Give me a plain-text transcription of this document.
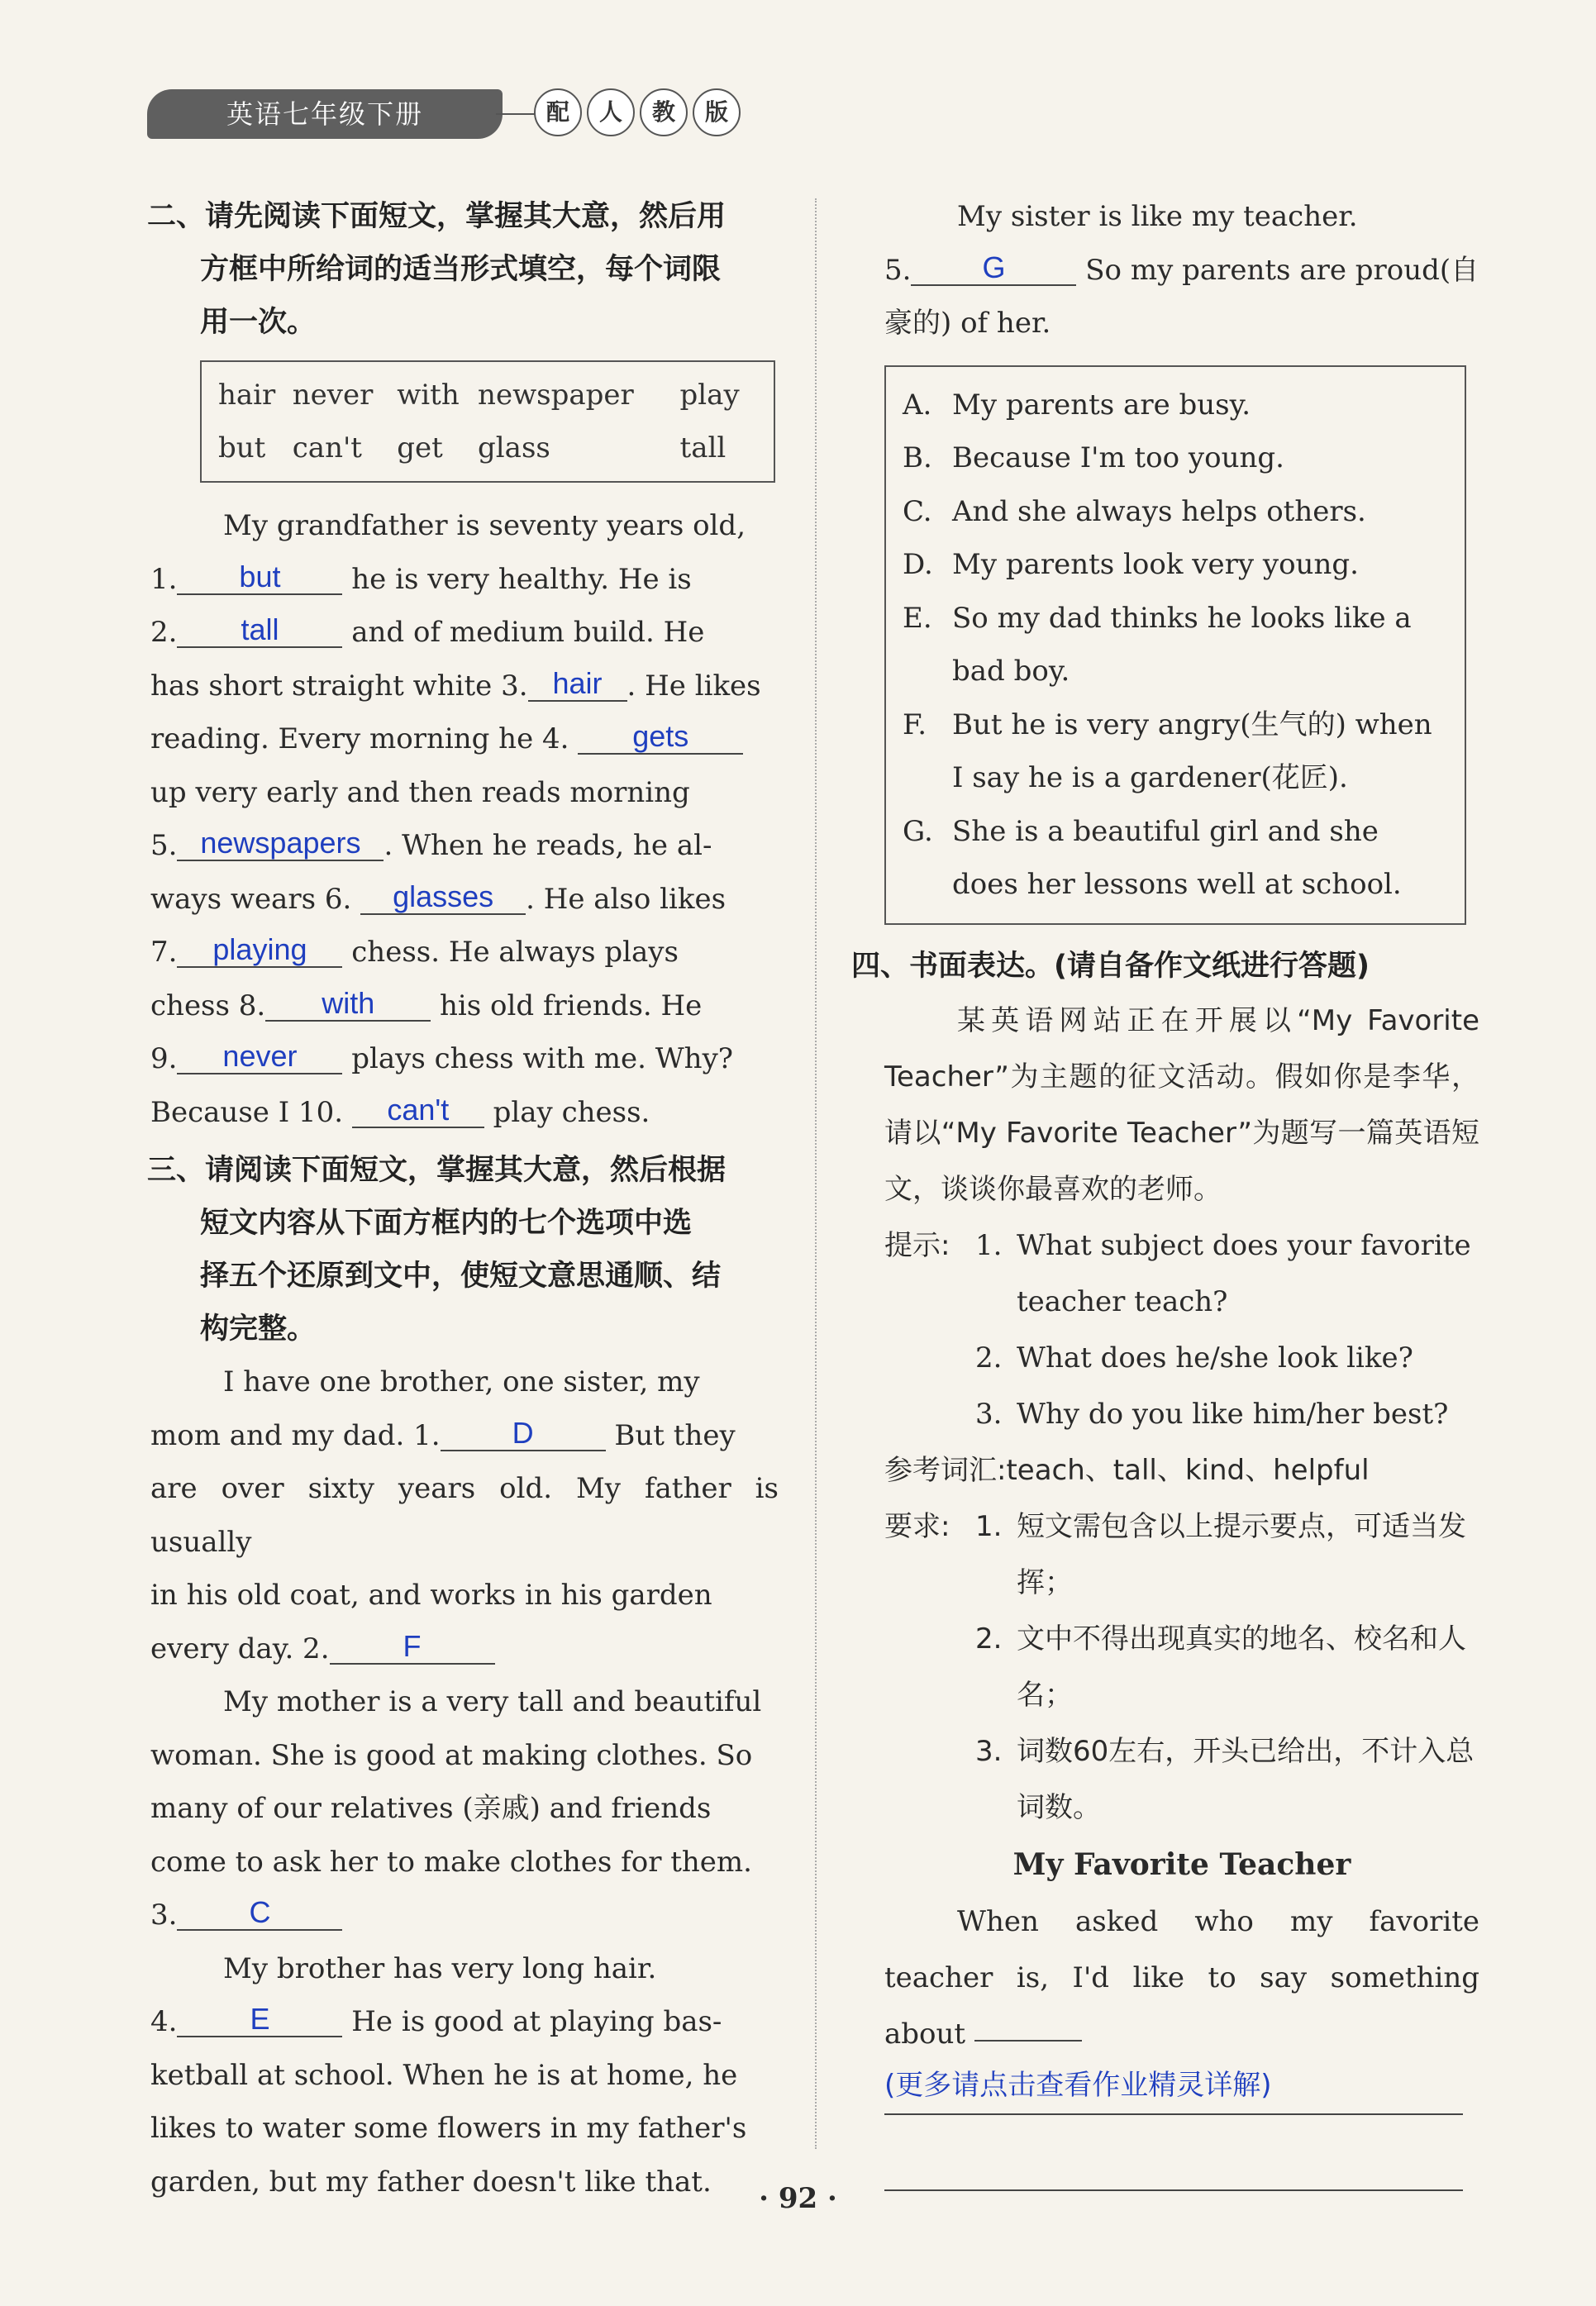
英语七年级下册	配	人	教	版
二、请先阅读下面短文，掌握其大意，然后用
方框中所给词的适当形式填空，每个词限
用一次。
hair	never	with	newspaper	play
but	can't	get	glass	tall
My grandfather is seventy years old,
1. but	he is very healthy. He is
2. tall	and of medium build. He
has short straight white 3. hair . He likes
reading. Every morning he 4. gets
up very early and then reads morning
5. newspapers . When he reads, he al-
ways wears 6. glasses . He also likes
7. playing chess. He always plays
chess 8. with his old friends. He
9. never plays chess with me. Why?
Because I 10. can't play chess.
三、请阅读下面短文，掌握其大意，然后根据
短文内容从下面方框内的七个选项中选
择五个还原到文中，使短文意思通顺、结
构完整。
I have one brother, one sister, my
mom and my dad. 1. D	But they
are over sixty years old. My father is usually
in his old coat, and works in his garden
every day. 2. F
My mother is a very tall and beautiful
woman. She is good at making clothes. So
many of our relatives (亲戚) and friends
come to ask her to make clothes for them.
3. C
My brother has very long hair.
4. E	He is good at playing bas-
ketball at school. When he is at home, he
likes to water some flowers in my father's
garden, but my father doesn't like that.
My sister is like my teacher.
5. G	So my parents are proud(自
豪的) of her.
A. My parents are busy.
B. Because I'm too young.
C. And she always helps others.
D. My parents look very young.
E. So my dad thinks he looks like a bad boy.
F. But he is very angry(生气的) when I say he is a gardener(花匠).
G. She is a beautiful girl and she does her lessons well at school.
四、书面表达。(请自备作文纸进行答题)
某英语网站正在开展以“My Favorite Teacher”为主题的征文活动。假如你是李华，请以“My Favorite Teacher”为题写一篇英语短文，谈谈你最喜欢的老师。
提示: 1. What subject does your favorite teacher teach?
2. What does he/she look like?
3. Why do you like him/her best?
参考词汇:teach、tall、kind、helpful
要求: 1. 短文需包含以上提示要点，可适当发挥；
2. 文中不得出现真实的地名、校名和人名；
3. 词数60左右，开头已给出，不计入总词数。
My Favorite Teacher
When asked who my favorite teacher is, I'd like to say something about
(更多请点击查看作业精灵详解)
· 92 ·
